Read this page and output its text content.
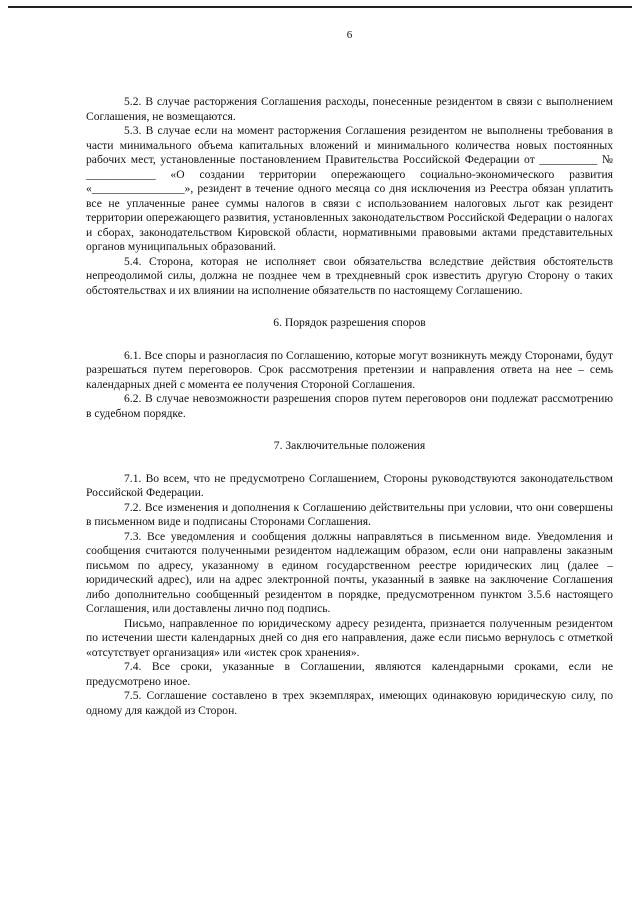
6

5.2. В случае расторжения Соглашения расходы, понесенные резидентом в связи с выполнением Соглашения, не возмещаются.

5.3. В случае если на момент расторжения Соглашения резидентом не выполнены требования в части минимального объема капитальных вложений и минимального количества новых постоянных рабочих мест, установленные постановлением Правительства Российской Федерации от __________ № ____________ «О создании территории опережающего социально-экономического развития «________________», резидент в течение одного месяца со дня исключения из Реестра обязан уплатить все не уплаченные ранее суммы налогов в связи с использованием налоговых льгот как резидент территории опережающего развития, установленных законодательством Российской Федерации о налогах и сборах, законодательством Кировской области, нормативными правовыми актами представительных органов муниципальных образований.

5.4. Сторона, которая не исполняет свои обязательства вследствие действия обстоятельств непреодолимой силы, должна не позднее чем в трехдневный срок известить другую Сторону о таких обстоятельствах и их влиянии на исполнение обязательств по настоящему Соглашению.

6. Порядок разрешения споров

6.1. Все споры и разногласия по Соглашению, которые могут возникнуть между Сторонами, будут разрешаться путем переговоров. Срок рассмотрения претензии и направления ответа на нее – семь календарных дней с момента ее получения Стороной Соглашения.

6.2. В случае невозможности разрешения споров путем переговоров они подлежат рассмотрению в судебном порядке.

7. Заключительные положения

7.1. Во всем, что не предусмотрено Соглашением, Стороны руководствуются законодательством Российской Федерации.

7.2. Все изменения и дополнения к Соглашению действительны при условии, что они совершены в письменном виде и подписаны Сторонами Соглашения.

7.3. Все уведомления и сообщения должны направляться в письменном виде. Уведомления и сообщения считаются полученными резидентом надлежащим образом, если они направлены заказным письмом по адресу, указанному в едином государственном реестре юридических лиц (далее – юридический адрес), или на адрес электронной почты, указанный в заявке на заключение Соглашения либо дополнительно сообщенный резидентом в порядке, предусмотренном пунктом 3.5.6 настоящего Соглашения, или доставлены лично под подпись.

Письмо, направленное по юридическому адресу резидента, признается полученным резидентом по истечении шести календарных дней со дня его направления, даже если письмо вернулось с отметкой «отсутствует организация» или «истек срок хранения».

7.4. Все сроки, указанные в Соглашении, являются календарными сроками, если не предусмотрено иное.

7.5. Соглашение составлено в трех экземплярах, имеющих одинаковую юридическую силу, по одному для каждой из Сторон.
